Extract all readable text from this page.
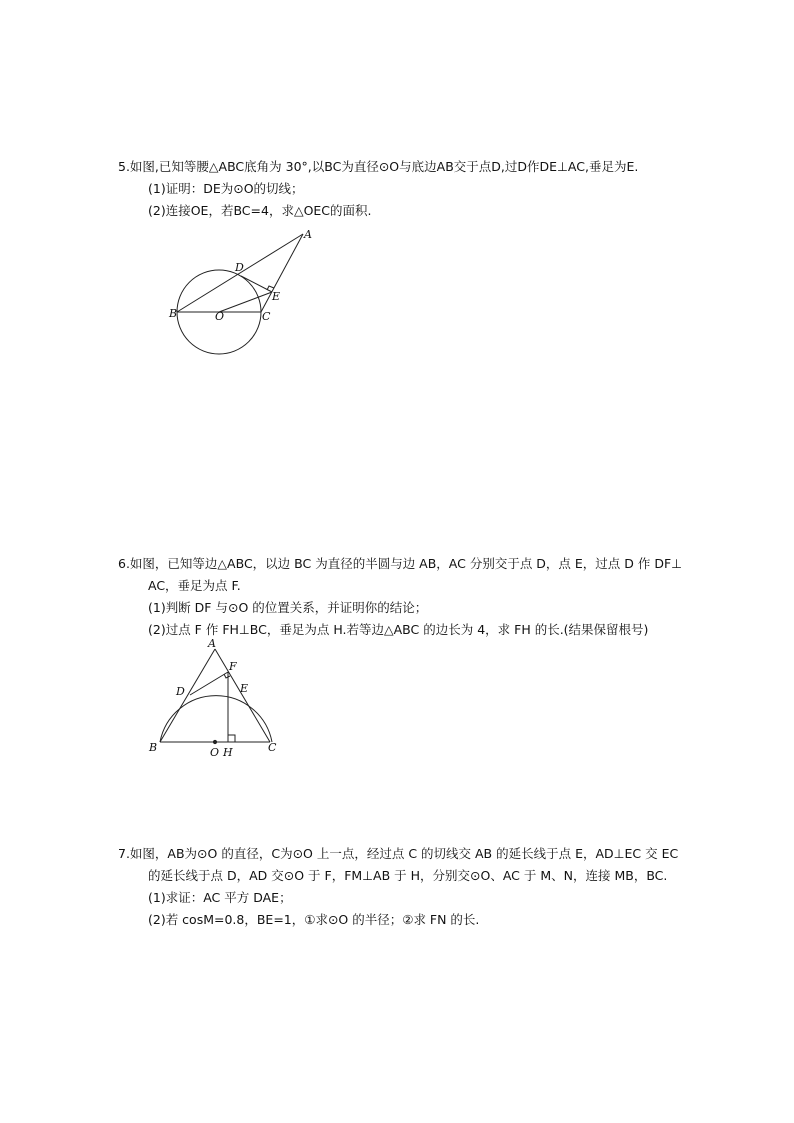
5.如图,已知等腰△ABC底角为 30°,以BC为直径⊙O与底边AB交于点D,过D作DE⊥AC,垂足为E.
(1)证明：DE为⊙O的切线；
(2)连接OE，若BC=4，求△OEC的面积.
A
D
E
B	O	C
6.如图，已知等边△ABC，以边 BC 为直径的半圆与边 AB，AC 分别交于点 D，点 E，过点 D 作 DF⊥
AC，垂足为点 F.
(1)判断 DF 与⊙O 的位置关系，并证明你的结论；
(2)过点 F 作 FH⊥BC，垂足为点 H.若等边△ABC 的边长为 4，求 FH 的长.(结果保留根号)
A
F
D	E
B	O H	C
7.如图，AB为⊙O 的直径，C为⊙O 上一点，经过点 C 的切线交 AB 的延长线于点 E，AD⊥EC 交 EC
的延长线于点 D，AD 交⊙O 于 F，FM⊥AB 于 H，分别交⊙O、AC 于 M、N，连接 MB，BC.
(1)求证：AC 平方 DAE；
(2)若 cosM=0.8，BE=1，①求⊙O 的半径；②求 FN 的长.
